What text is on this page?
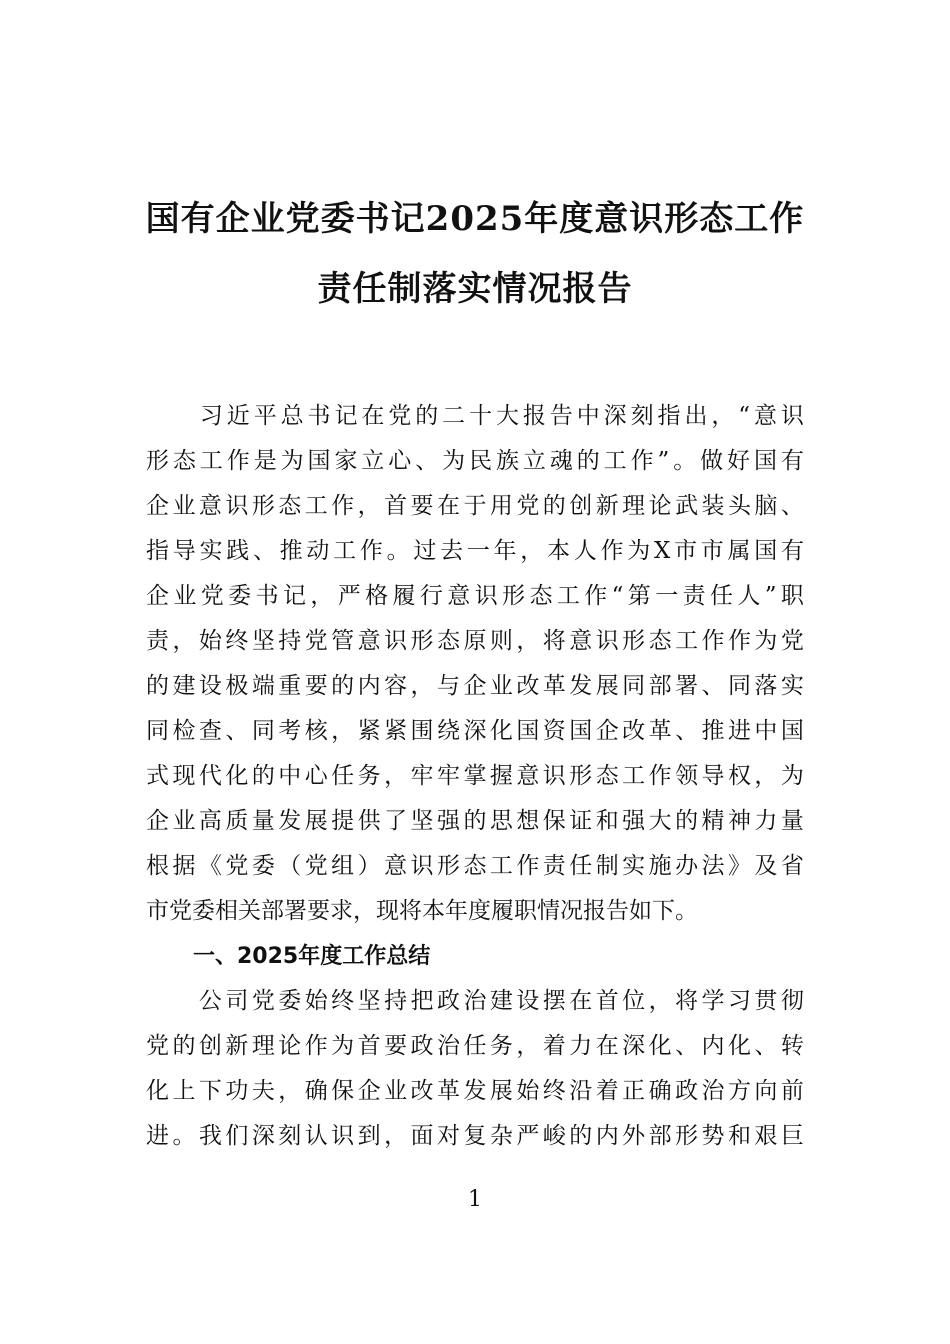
国有企业党委书记2025年度意识形态工作
责任制落实情况报告

习 近 平 总 书 记 在 党 的 二 十 大 报 告 中 深 刻 指 出 ， “ 意 识
形 态 工 作 是 为 国 家 立 心 、 为 民 族 立 魂 的 工 作 ” 。 做 好 国 有
企 业 意 识 形 态 工 作 ， 首 要 在 于 用 党 的 创 新 理 论 武 装 头 脑 、
指 导 实 践 、 推 动 工 作 。 过 去 一 年 ， 本 人 作 为 X 市 市 属 国 有
企 业 党 委 书 记 ， 严 格 履 行 意 识 形 态 工 作 “ 第 一 责 任 人 ” 职
责 ， 始 终 坚 持 党 管 意 识 形 态 原 则 ， 将 意 识 形 态 工 作 作 为 党
的 建 设 极 端 重 要 的 内 容 ， 与 企 业 改 革 发 展 同 部 署 、 同 落 实
同 检 查 、 同 考 核 ， 紧 紧 围 绕 深 化 国 资 国 企 改 革 、 推 进 中 国
式 现 代 化 的 中 心 任 务 ， 牢 牢 掌 握 意 识 形 态 工 作 领 导 权 ， 为
企 业 高 质 量 发 展 提 供 了 坚 强 的 思 想 保 证 和 强 大 的 精 神 力 量
根 据 《 党 委 （ 党 组 ） 意 识 形 态 工 作 责 任 制 实 施 办 法 》 及 省
市党委相关部署要求，现将本年度履职情况报告如下。
一、2025年度工作总结

公 司 党 委 始 终 坚 持 把 政 治 建 设 摆 在 首 位 ， 将 学 习 贯 彻
党 的 创 新 理 论 作 为 首 要 政 治 任 务 ， 着 力 在 深 化 、 内 化 、 转
化 上 下 功 夫 ， 确 保 企 业 改 革 发 展 始 终 沿 着 正 确 政 治 方 向 前
进 。 我 们 深 刻 认 识 到 ， 面 对 复 杂 严 峻 的 内 外 部 形 势 和 艰 巨
1
